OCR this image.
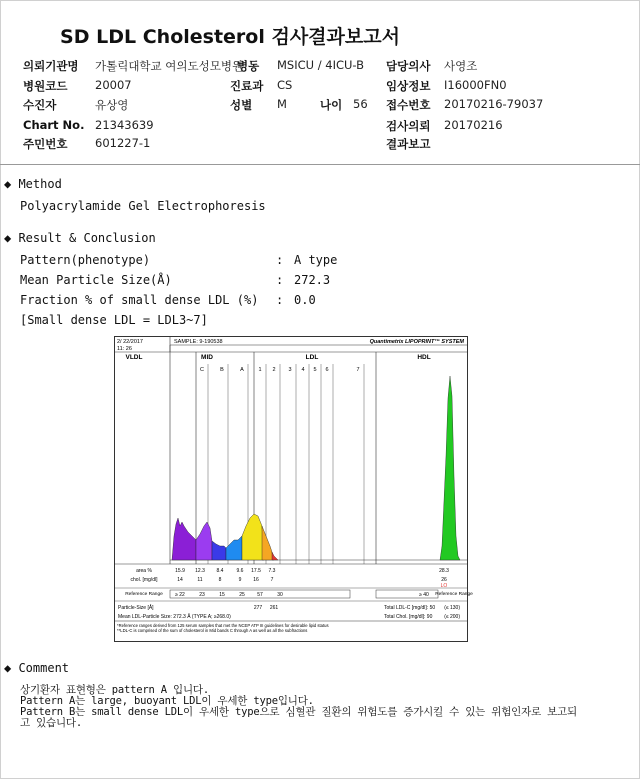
SD LDL Cholesterol 검사결과보고서
의뢰기관명 가톨릭대학교 여의도성모병원
병동 MSICU / 4ICU-B 담당의사 사영조
병원코드 20007	진료과 CS	임상정보 I16000FN0
수진자	유상영	성별 M	나이 56 접수번호 20170216-79037
Chart No. 21343639	검사의뢰 20170216
주민번호 601227-1	결과보고
◆ Method
Polyacrylamide Gel Electrophoresis
◆ Result & Conclusion
Pattern(phenotype)	: A type
Mean Particle Size(Å)	: 272.3
Fraction % of small dense LDL (%) : 0.0
[Small dense LDL = LDL3~7]
2/ 22/2017
11: 26
SAMPLE: 9-190538	Quantimetrix LIPOPRINT™ SYSTEM
VLDL	MID	LDL	HDL
C	B	A	1 2 3 4 5 6	7
area %	15.9 12.3 8.4	9.6 17.5 7.3	28.3
chol. [mg/dl]	14	11	8	9 16 7	26
LO
Reference Range ≥ 22	23	15	25 57	30	≥ 40 Reference Range
Particle-Size [Å]	277 261	Total LDL-C [mg/dl]: 50 (≤ 130)
Mean LDL-Particle Size: 272.3 Å (TYPE A; ≥268.0)	Total Chol. [mg/dl]: 90 (≤ 200)
*Reference ranges derived from 125 serum samples that met the NCEP ATP III guidelines for desirable lipid status
**LDL-C is comprised of the sum of cholesterol in Mid bands C through A as well as all the subfractions
◆ Comment
상기환자 표현형은 pattern A 입니다.
Pattern A는 large, buoyant LDL이 우세한 type입니다.
Pattern B는 small dense LDL이 우세한 type으로 심혈관 질환의 위험도를 증가시킬 수 있는 위험인자로 보고되
고 있습니다.
